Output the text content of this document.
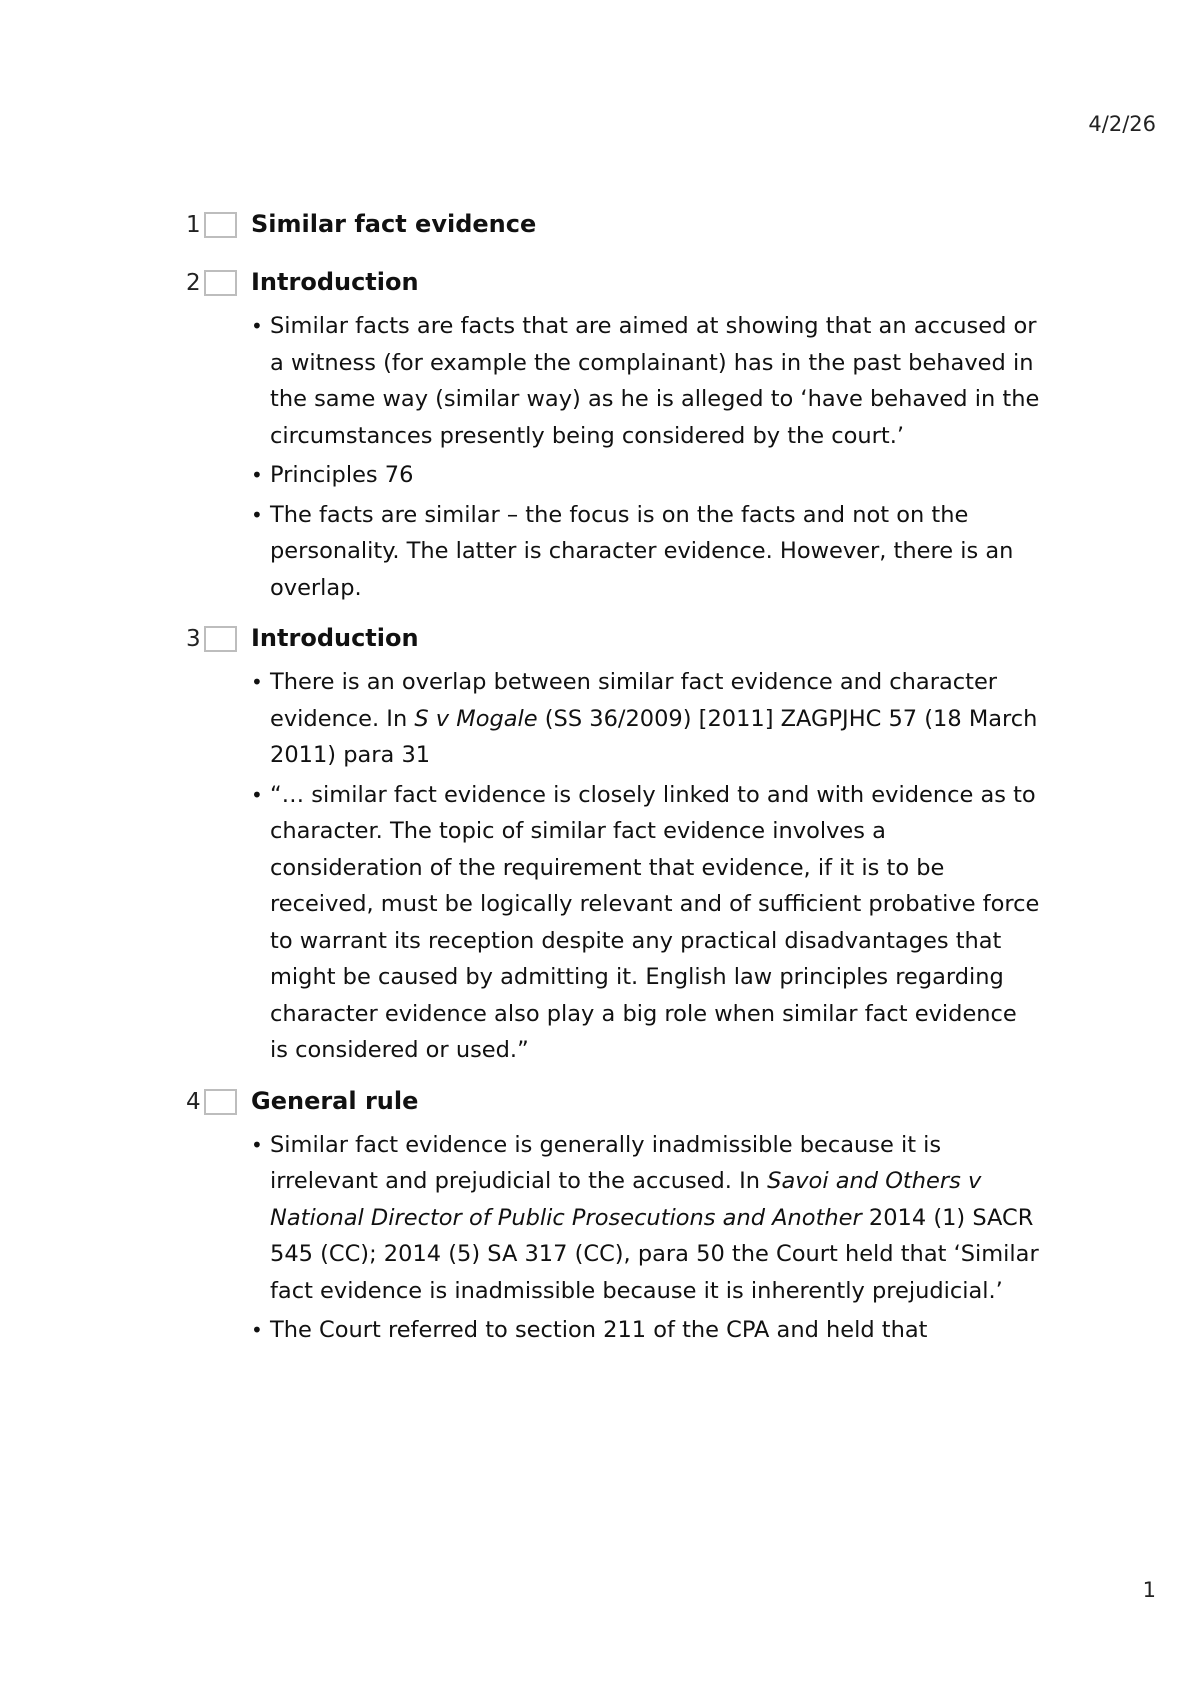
4/2/26
1 Similar fact evidence
2 Introduction
• Similar facts are facts that are aimed at showing that an accused or a witness (for example the complainant) has in the past behaved in the same way (similar way) as he is alleged to ‘have behaved in the circumstances presently being considered by the court.’
• Principles 76
• The facts are similar – the focus is on the facts and not on the personality. The latter is character evidence. However, there is an overlap.
3 Introduction
• There is an overlap between similar fact evidence and character evidence. In S v Mogale (SS 36/2009) [2011] ZAGPJHC 57 (18 March 2011) para 31
• “… similar fact evidence is closely linked to and with evidence as to character. The topic of similar fact evidence involves a consideration of the requirement that evidence, if it is to be received, must be logically relevant and of sufficient probative force to warrant its reception despite any practical disadvantages that might be caused by admitting it. English law principles regarding character evidence also play a big role when similar fact evidence is considered or used.”
4 General rule
• Similar fact evidence is generally inadmissible because it is irrelevant and prejudicial to the accused. In Savoi and Others v National Director of Public Prosecutions and Another 2014 (1) SACR 545 (CC); 2014 (5) SA 317 (CC), para 50 the Court held that ‘Similar fact evidence is inadmissible because it is inherently prejudicial.’
• The Court referred to section 211 of the CPA and held that
1
